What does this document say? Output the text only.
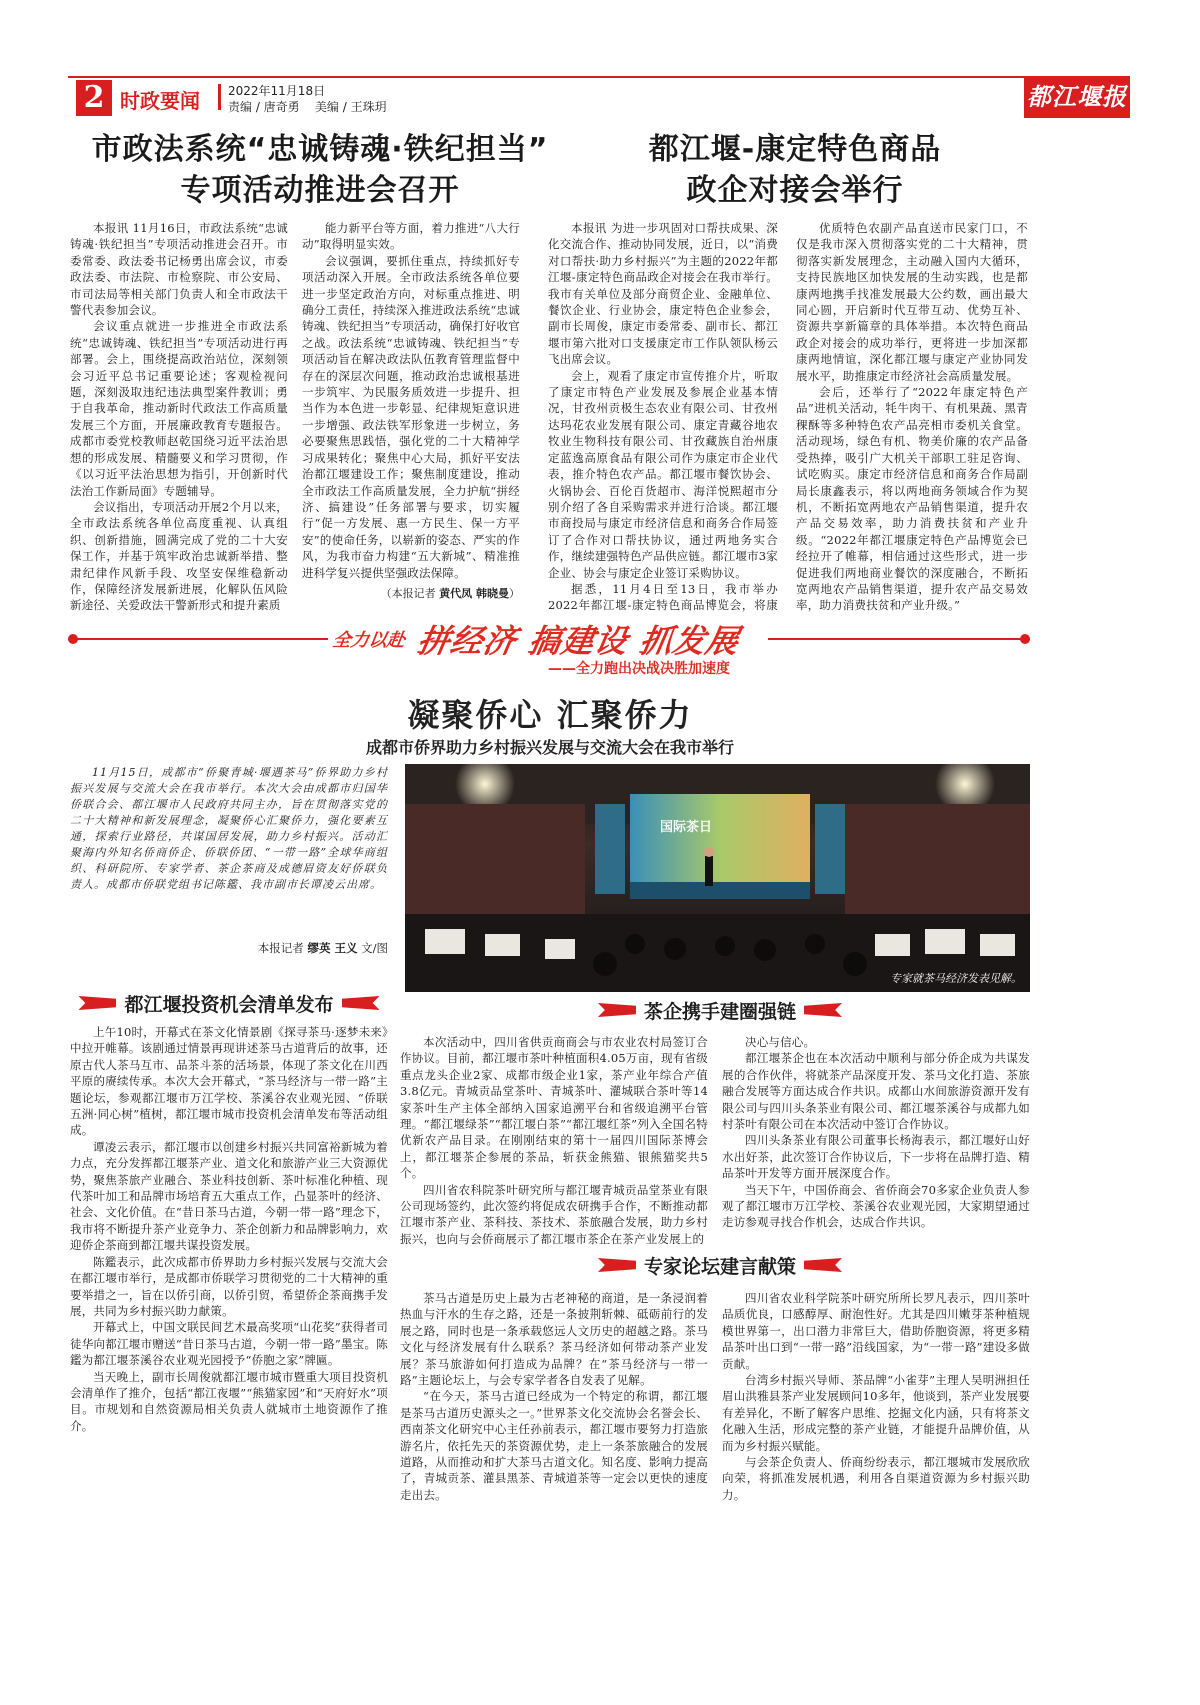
2 时政要闻 2022年11月18日
责编 / 唐奇勇    美编 / 王珠玥	都江堰报
市政法系统“忠诚铸魂·铁纪担当”
专项活动推进会召开

本报讯 11月16日，市政法系统“忠诚铸魂·铁纪担当”专项活动推进会召开。市委常委、政法委书记杨勇出席会议，市委政法委、市法院、市检察院、市公安局、市司法局等相关部门负责人和全市政法干警代表参加会议。

会议重点就进一步推进全市政法系统“忠诚铸魂、铁纪担当”专项活动进行再部署。会上，围绕提高政治站位，深刻领会习近平总书记重要论述；客观检视问题，深刻汲取违纪违法典型案件教训；勇于自我革命，推动新时代政法工作高质量发展三个方面，开展廉政教育专题报告。成都市委党校教师赵乾国绕习近平法治思想的形成发展、精髓要义和学习贯彻，作《以习近平法治思想为指引，开创新时代法治工作新局面》专题辅导。

会议指出，专项活动开展2个月以来，全市政法系统各单位高度重视、认真组织、创新措施，圆满完成了党的二十大安保工作，并基于筑牢政治忠诚新举措、整肃纪律作风新手段、攻坚安保维稳新动作，保障经济发展新进展，化解队伍风险新途径、关爱政法干警新形式和提升素质

能力新平台等方面，着力推进“八大行动”取得明显实效。

会议强调，要抓住重点，持续抓好专项活动深入开展。全市政法系统各单位要进一步坚定政治方向，对标重点推进、明确分工责任，持续深入推进政法系统“忠诚铸魂、铁纪担当”专项活动，确保打好收官之战。政法系统“忠诚铸魂、铁纪担当”专项活动旨在解决政法队伍教育管理监督中存在的深层次问题，推动政治忠诚根基进一步筑牢、为民服务质效进一步提升、担当作为本色进一步彰显、纪律规矩意识进一步增强、政法铁军形象进一步树立，务必要聚焦思践悟，强化党的二十大精神学习成果转化；聚焦中心大局，抓好平安法治都江堰建设工作；聚焦制度建设，推动全市政法工作高质量发展，全力护航“拼经济、搞建设”任务部署与要求，切实履行“促一方发展、惠一方民生、保一方平安”的使命任务，以崭新的姿态、严实的作风，为我市奋力构建“五大新城”、精准推进科学复兴提供坚强政法保障。

（本报记者 黄代凤 韩晓曼）
都江堰-康定特色商品
政企对接会举行

本报讯 为进一步巩固对口帮扶成果、深化交流合作、推动协同发展，近日，以“消费对口帮扶·助力乡村振兴”为主题的2022年都江堰-康定特色商品政企对接会在我市举行。我市有关单位及部分商贸企业、金融单位、餐饮企业、行业协会，康定特色企业参会，副市长周俊，康定市委常委、副市长、都江堰市第六批对口支援康定市工作队领队杨云飞出席会议。

会上，观看了康定市宣传推介片，听取了康定市特色产业发展及参展企业基本情况，甘孜州贡极生态农业有限公司、甘孜州达玛花农业发展有限公司、康定青藏谷地农牧业生物科技有限公司、甘孜藏族自治州康定蓝逸高原食品有限公司作为康定市企业代表，推介特色农产品。都江堰市餐饮协会、火锅协会、百伦百货超市、海洋悦熙超市分别介绍了各自采购需求并进行洽谈。都江堰市商投局与康定市经济信息和商务合作局签订了合作对口帮扶协议，通过两地务实合作，继续建强特色产品供应链。都江堰市3家企业、协会与康定企业签订采购协议。

据悉，11月4日至13日，我市举办2022年都江堰-康定特色商品博览会，将康

优质特色农副产品直送市民家门口，不仅是我市深入贯彻落实党的二十大精神，贯彻落实新发展理念，主动融入国内大循环，支持民族地区加快发展的生动实践，也是都康两地携手找准发展最大公约数，画出最大同心圆，开启新时代互带互动、优势互补、资源共享新篇章的具体举措。本次特色商品政企对接会的成功举行，更将进一步加深都康两地情谊，深化都江堰与康定产业协同发展水平，助推康定市经济社会高质量发展。

会后，还举行了“2022年康定特色产品”进机关活动，牦牛肉干、有机果蔬、黑青稞酥等多种特色农产品亮相市委机关食堂。活动现场，绿色有机、物美价廉的农产品备受热捧，吸引广大机关干部职工驻足咨询、试吃购买。康定市经济信息和商务合作局副局长康鑫表示，将以两地商务领域合作为契机，不断拓宽两地农产品销售渠道，提升农产品交易效率，助力消费扶贫和产业升级。“2022年都江堰康定特色产品博览会已经拉开了帷幕，相信通过这些形式，进一步促进我们两地商业餐饮的深度融合，不断拓宽两地农产品销售渠道，提升农产品交易效率，助力消费扶贫和产业升级。”

全力以赴 拼经济 搞建设 抓发展
——全力跑出决战决胜加速度
凝聚侨心 汇聚侨力
成都市侨界助力乡村振兴发展与交流大会在我市举行

11月15日，成都市“侨聚青城·堰遇茶马”侨界助力乡村振兴发展与交流大会在我市举行。本次大会由成都市归国华侨联合会、都江堰市人民政府共同主办，旨在贯彻落实党的二十大精神和新发展理念，凝聚侨心汇聚侨力，强化要素互通，探索行业路径，共谋国居发展，助力乡村振兴。活动汇聚海内外知名侨商侨企、侨联侨团、“一带一路”全球华商组织、科研院所、专家学者、茶企茶商及成德眉资友好侨联负责人。成都市侨联党组书记陈鑑、我市副市长谭凌云出席。

本报记者 缪英 王义 文/图
国际茶日
专家就茶马经济发表见解。
都江堰投资机会清单发布

上午10时，开幕式在茶文化情景剧《探寻茶马·逐梦未来》中拉开帷幕。该剧通过情景再现讲述茶马古道背后的故事，还原古代人茶马互市、品茶斗茶的活场景，体现了茶文化在川西平原的赓续传承。本次大会开幕式，“茶马经济与一带一路”主题论坛，参观都江堰市万江学校、茶溪谷农业观光园、“侨联五洲·同心树”植树，都江堰市城市投资机会清单发布等活动组成。

谭凌云表示，都江堰市以创建乡村振兴共同富裕新城为着力点，充分发挥都江堰茶产业、道文化和旅游产业三大资源优势，聚焦茶旅产业融合、茶业科技创新、茶叶标准化种植、现代茶叶加工和品牌市场培育五大重点工作，凸显茶叶的经济、社会、文化价值。在“昔日茶马古道，今朝一带一路”理念下，我市将不断提升茶产业竞争力、茶企创新力和品牌影响力，欢迎侨企茶商到都江堰共谋投资发展。

陈鑑表示，此次成都市侨界助力乡村振兴发展与交流大会在都江堰市举行，是成都市侨联学习贯彻党的二十大精神的重要举措之一，旨在以侨引商，以侨引贸，希望侨企茶商携手发展，共同为乡村振兴助力献策。

开幕式上，中国文联民间艺术最高奖项“山花奖”获得者司徒华向都江堰市赠送“昔日茶马古道，今朝一带一路”墨宝。陈鑑为都江堰茶溪谷农业观光园授予“侨胞之家”牌匾。

当天晚上，副市长周俊就都江堰市城市暨重大项目投资机会清单作了推介，包括“都江夜堰”“熊猫家园”和“天府好水”项目。市规划和自然资源局相关负责人就城市土地资源作了推介。

茶企携手建圈强链

本次活动中，四川省供贡商商会与市农业农村局签订合作协议。目前，都江堰市茶叶种植面积4.05万亩，现有省级重点龙头企业2家、成都市级企业1家，茶产业年综合产值3.8亿元。青城贡品堂茶叶、青城茶叶、灌城联合茶叶等14家茶叶生产主体全部纳入国家追溯平台和省级追溯平台管理。“都江堰绿茶”“都江堰白茶”“都江堰红茶”列入全国名特优新农产品目录。在刚刚结束的第十一届四川国际茶博会上，都江堰茶企参展的茶品，斩获金熊猫、银熊猫奖共5个。

四川省农科院茶叶研究所与都江堰青城贡品堂茶业有限公司现场签约，此次签约将促成农研携手合作，不断推动都江堰市茶产业、茶科技、茶技术、茶旅融合发展，助力乡村振兴，也向与会侨商展示了都江堰市茶企在茶产业发展上的

决心与信心。

都江堰茶企也在本次活动中顺利与部分侨企成为共谋发展的合作伙伴，将就茶产品深度开发、茶马文化打造、茶旅融合发展等方面达成合作共识。成都山水间旅游资源开发有限公司与四川头条茶业有限公司、都江堰茶溪谷与成都九如村茶叶有限公司在本次活动中签订合作协议。

四川头条茶业有限公司董事长杨海表示，都江堰好山好水出好茶，此次签订合作协议后，下一步将在品牌打造、精品茶叶开发等方面开展深度合作。

当天下午，中国侨商会、省侨商会70多家企业负责人参观了都江堰市万江学校、茶溪谷农业观光园，大家期望通过走访参观寻找合作机会，达成合作共识。

专家论坛建言献策

茶马古道是历史上最为古老神秘的商道，是一条浸润着热血与汗水的生存之路，还是一条披荆斩棘、砥砺前行的发展之路，同时也是一条承载悠远人文历史的超越之路。茶马文化与经济发展有什么联系？茶马经济如何带动茶产业发展？茶马旅游如何打造成为品牌？在“茶马经济与一带一路”主题论坛上，与会专家学者各自发表了见解。

“在今天，茶马古道已经成为一个特定的称谓，都江堰是茶马古道历史源头之一。”世界茶文化交流协会名誉会长、西南茶文化研究中心主任孙前表示，都江堰市要努力打造旅游名片，依托先天的茶资源优势，走上一条茶旅融合的发展道路，从而推动和扩大茶马古道文化。知名度、影响力提高了，青城贡茶、灌县黑茶、青城道茶等一定会以更快的速度走出去。

四川省农业科学院茶叶研究所所长罗凡表示，四川茶叶品质优良，口感醇厚、耐泡性好。尤其是四川嫩芽茶种植规模世界第一，出口潜力非常巨大，借助侨胞资源，将更多精品茶叶出口到“一带一路”沿线国家，为“一带一路”建设多做贡献。

台湾乡村振兴导师、茶品牌“小雀芽”主理人吴明洲担任眉山洪雅县茶产业发展顾问10多年，他谈到，茶产业发展要有差异化，不断了解客户思维、挖掘文化内涵，只有将茶文化融入生活，形成完整的茶产业链，才能提升品牌价值，从而为乡村振兴赋能。

与会茶企负责人、侨商纷纷表示，都江堰城市发展欣欣向荣，将抓准发展机遇，利用各自渠道资源为乡村振兴助力。
